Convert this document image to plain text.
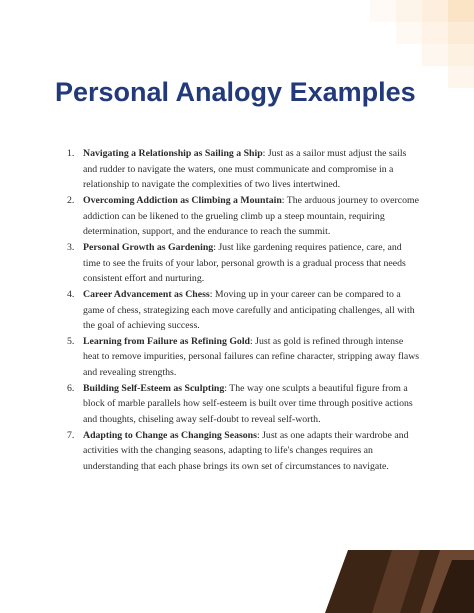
Personal Analogy Examples
1. Navigating a Relationship as Sailing a Ship: Just as a sailor must adjust the sails and rudder to navigate the waters, one must communicate and compromise in a relationship to navigate the complexities of two lives intertwined.
2. Overcoming Addiction as Climbing a Mountain: The arduous journey to overcome addiction can be likened to the grueling climb up a steep mountain, requiring determination, support, and the endurance to reach the summit.
3. Personal Growth as Gardening: Just like gardening requires patience, care, and time to see the fruits of your labor, personal growth is a gradual process that needs consistent effort and nurturing.
4. Career Advancement as Chess: Moving up in your career can be compared to a game of chess, strategizing each move carefully and anticipating challenges, all with the goal of achieving success.
5. Learning from Failure as Refining Gold: Just as gold is refined through intense heat to remove impurities, personal failures can refine character, stripping away flaws and revealing strengths.
6. Building Self-Esteem as Sculpting: The way one sculpts a beautiful figure from a block of marble parallels how self-esteem is built over time through positive actions and thoughts, chiseling away self-doubt to reveal self-worth.
7. Adapting to Change as Changing Seasons: Just as one adapts their wardrobe and activities with the changing seasons, adapting to life's changes requires an understanding that each phase brings its own set of circumstances to navigate.
